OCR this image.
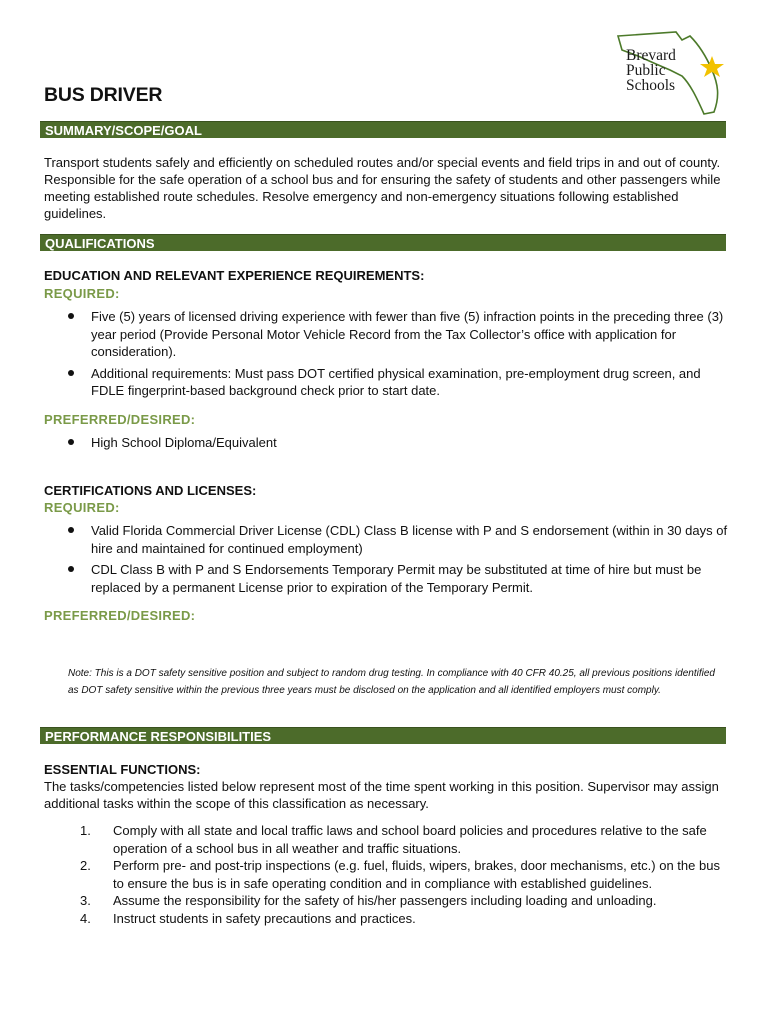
Brevard
Public
Schools
BUS DRIVER
SUMMARY/SCOPE/GOAL

Transport students safely and efficiently on scheduled routes and/or special events and field trips in and out of county. Responsible for the safe operation of a school bus and for ensuring the safety of students and other passengers while meeting established route schedules. Resolve emergency and non-emergency situations following established guidelines.

QUALIFICATIONS
EDUCATION AND RELEVANT EXPERIENCE REQUIREMENTS:
REQUIRED:
Five (5) years of licensed driving experience with fewer than five (5) infraction points in the preceding three (3) year period (Provide Personal Motor Vehicle Record from the Tax Collector’s office with application for consideration).
Additional requirements: Must pass DOT certified physical examination, pre-employment drug screen, and FDLE fingerprint-based background check prior to start date.
PREFERRED/DESIRED:
High School Diploma/Equivalent
CERTIFICATIONS AND LICENSES:
REQUIRED:
Valid Florida Commercial Driver License (CDL) Class B license with P and S endorsement (within in 30 days of hire and maintained for continued employment)
CDL Class B with P and S Endorsements Temporary Permit may be substituted at time of hire but must be replaced by a permanent License prior to expiration of the Temporary Permit.
PREFERRED/DESIRED:

Note: This is a DOT safety sensitive position and subject to random drug testing. In compliance with 40 CFR 40.25, all previous positions identified as DOT safety sensitive within the previous three years must be disclosed on the application and all identified employers must comply.

PERFORMANCE RESPONSIBILITIES
ESSENTIAL FUNCTIONS:

The tasks/competencies listed below represent most of the time spent working in this position. Supervisor may assign additional tasks within the scope of this classification as necessary.

1. Comply with all state and local traffic laws and school board policies and procedures relative to the safe operation of a school bus in all weather and traffic situations.
2. Perform pre- and post-trip inspections (e.g. fuel, fluids, wipers, brakes, door mechanisms, etc.) on the bus to ensure the bus is in safe operating condition and in compliance with established guidelines.
3. Assume the responsibility for the safety of his/her passengers including loading and unloading.
4. Instruct students in safety precautions and practices.
